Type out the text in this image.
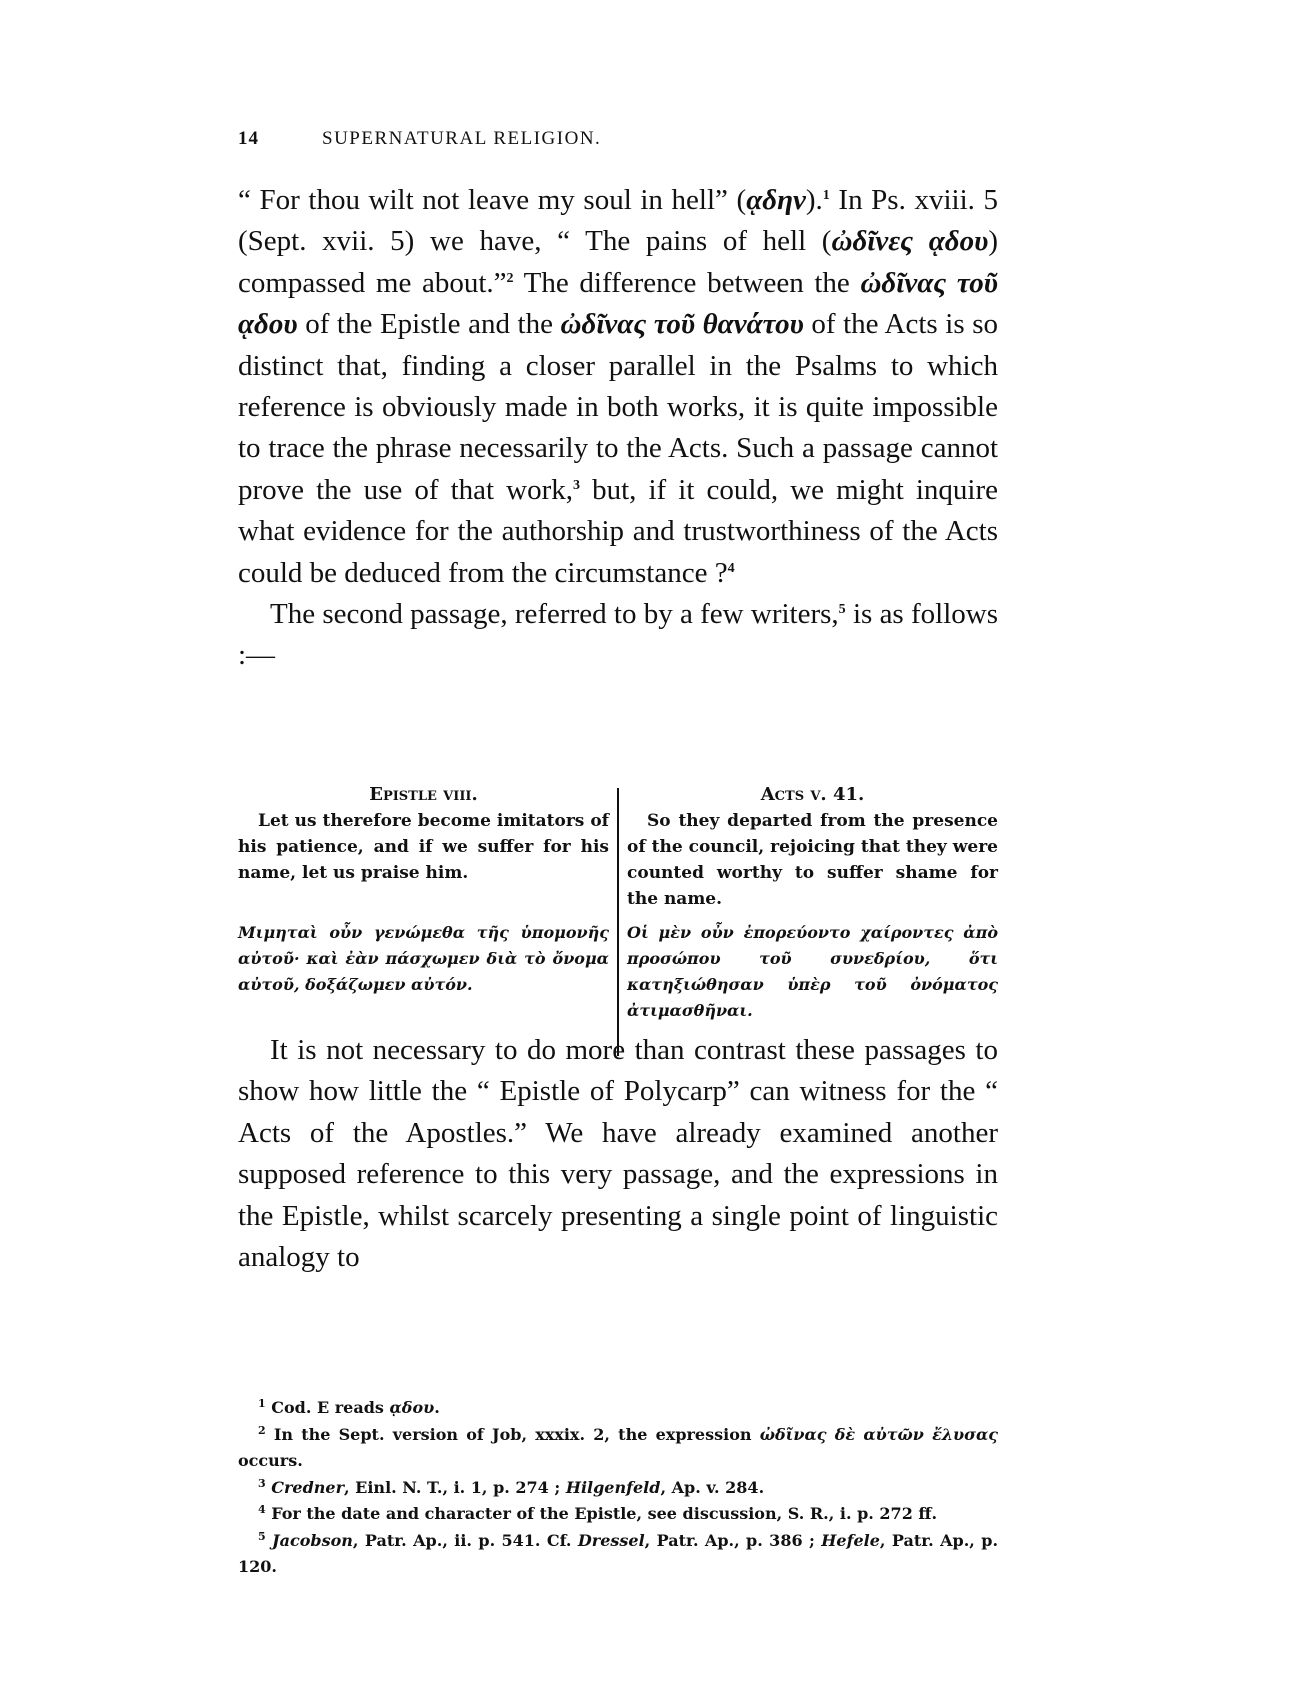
14	SUPERNATURAL RELIGION.

“ For thou wilt not leave my soul in hell” (ᾳδην).$^1$ In Ps. xviii. 5 (Sept. xvii. 5) we have, “ The pains of hell (ὠδῖνες ᾳδου) compassed me about.”$^2$ The difference between the ὠδῖνας τοῦ ᾳδου of the Epistle and the ὠδῖνας τοῦ θανάτου of the Acts is so distinct that, finding a closer parallel in the Psalms to which reference is obviously made in both works, it is quite impossible to trace the phrase necessarily to the Acts. Such a passage cannot prove the use of that work,$^3$ but, if it could, we might inquire what evidence for the authorship and trustworthiness of the Acts could be deduced from the circumstance ?$^4$

The second passage, referred to by a few writers,$^5$ is as follows :—

Epistle viii.
Let us therefore become imitators of his patience, and if we suffer for his name, let us praise him.
Μιμηταὶ οὖν γενώμεθα τῆς ὑπομονῆς αὐτοῦ· καὶ ἐὰν πάσχωμεν διὰ τὸ ὄνομα αὐτοῦ, δοξάζωμεν αὐτόν.
Acts v. 41.
So they departed from the presence of the council, rejoicing that they were counted worthy to suffer shame for the name.
Οἱ μὲν οὖν ἐπορεύοντο χαίροντες ἀπὸ προσώπου τοῦ συνεδρίου, ὅτι κατηξιώθησαν ὑπὲρ τοῦ ὀνόματος ἀτιμασθῆναι.

It is not necessary to do more than contrast these passages to show how little the “ Epistle of Polycarp” can witness for the “ Acts of the Apostles.” We have already examined another supposed reference to this very passage, and the expressions in the Epistle, whilst scarcely presenting a single point of linguistic analogy to

$^1$ Cod. E reads ᾳδου.

$^2$ In the Sept. version of Job, xxxix. 2, the expression ὠδῖνας δὲ αὐτῶν ἔλυσας occurs.

$^3$ Credner, Einl. N. T., i. 1, p. 274 ; Hilgenfeld, Ap. v. 284.

$^4$ For the date and character of the Epistle, see discussion, S. R., i. p. 272 ff.

$^5$ Jacobson, Patr. Ap., ii. p. 541. Cf. Dressel, Patr. Ap., p. 386 ; Hefele, Patr. Ap., p. 120.
